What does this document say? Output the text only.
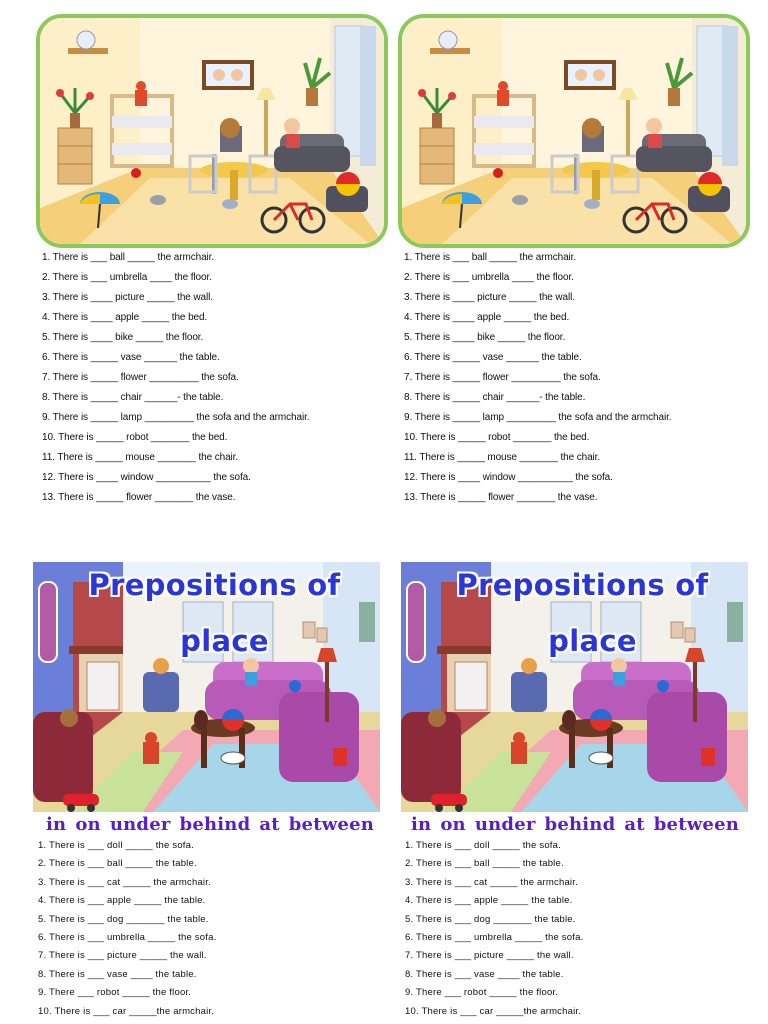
1. There is ___ ball _____ the armchair.
2. There is ___ umbrella ____ the floor.
3. There is ____ picture _____ the wall.
4. There is ____ apple _____ the bed.
5. There is ____ bike _____ the floor.
6. There is _____ vase ______ the table.
7. There is _____ flower _________ the sofa.
8. There is _____ chair ______- the table.
9. There is _____ lamp _________ the sofa and the armchair.
10. There is _____ robot _______ the bed.
11. There is _____ mouse _______ the chair.
12. There is ____ window __________ the sofa.
13. There is _____ flower _______ the vase.
1. There is ___ ball _____ the armchair.
2. There is ___ umbrella ____ the floor.
3. There is ____ picture _____ the wall.
4. There is ____ apple _____ the bed.
5. There is ____ bike _____ the floor.
6. There is _____ vase ______ the table.
7. There is _____ flower _________ the sofa.
8. There is _____ chair ______- the table.
9. There is _____ lamp _________ the sofa and the armchair.
10. There is _____ robot _______ the bed.
11. There is _____ mouse _______ the chair.
12. There is ____ window __________ the sofa.
13. There is _____ flower _______ the vase.
Prepositions of
place
Prepositions of
place
in on under behind at between	in on under behind at between
1. There is ___ doll _____ the sofa.
2. There is ___ ball _____ the table.
3. There is ___ cat _____ the armchair.
4. There is ___ apple _____ the table.
5. There is ___ dog _______ the table.
6. There is ___ umbrella _____ the sofa.
7. There is ___ picture _____ the wall.
8. There is ___ vase ____ the table.
9. There ___ robot _____ the floor.
10. There is ___ car _____the armchair.
1. There is ___ doll _____ the sofa.
2. There is ___ ball _____ the table.
3. There is ___ cat _____ the armchair.
4. There is ___ apple _____ the table.
5. There is ___ dog _______ the table.
6. There is ___ umbrella _____ the sofa.
7. There is ___ picture _____ the wall.
8. There is ___ vase ____ the table.
9. There ___ robot _____ the floor.
10. There is ___ car _____the armchair.
